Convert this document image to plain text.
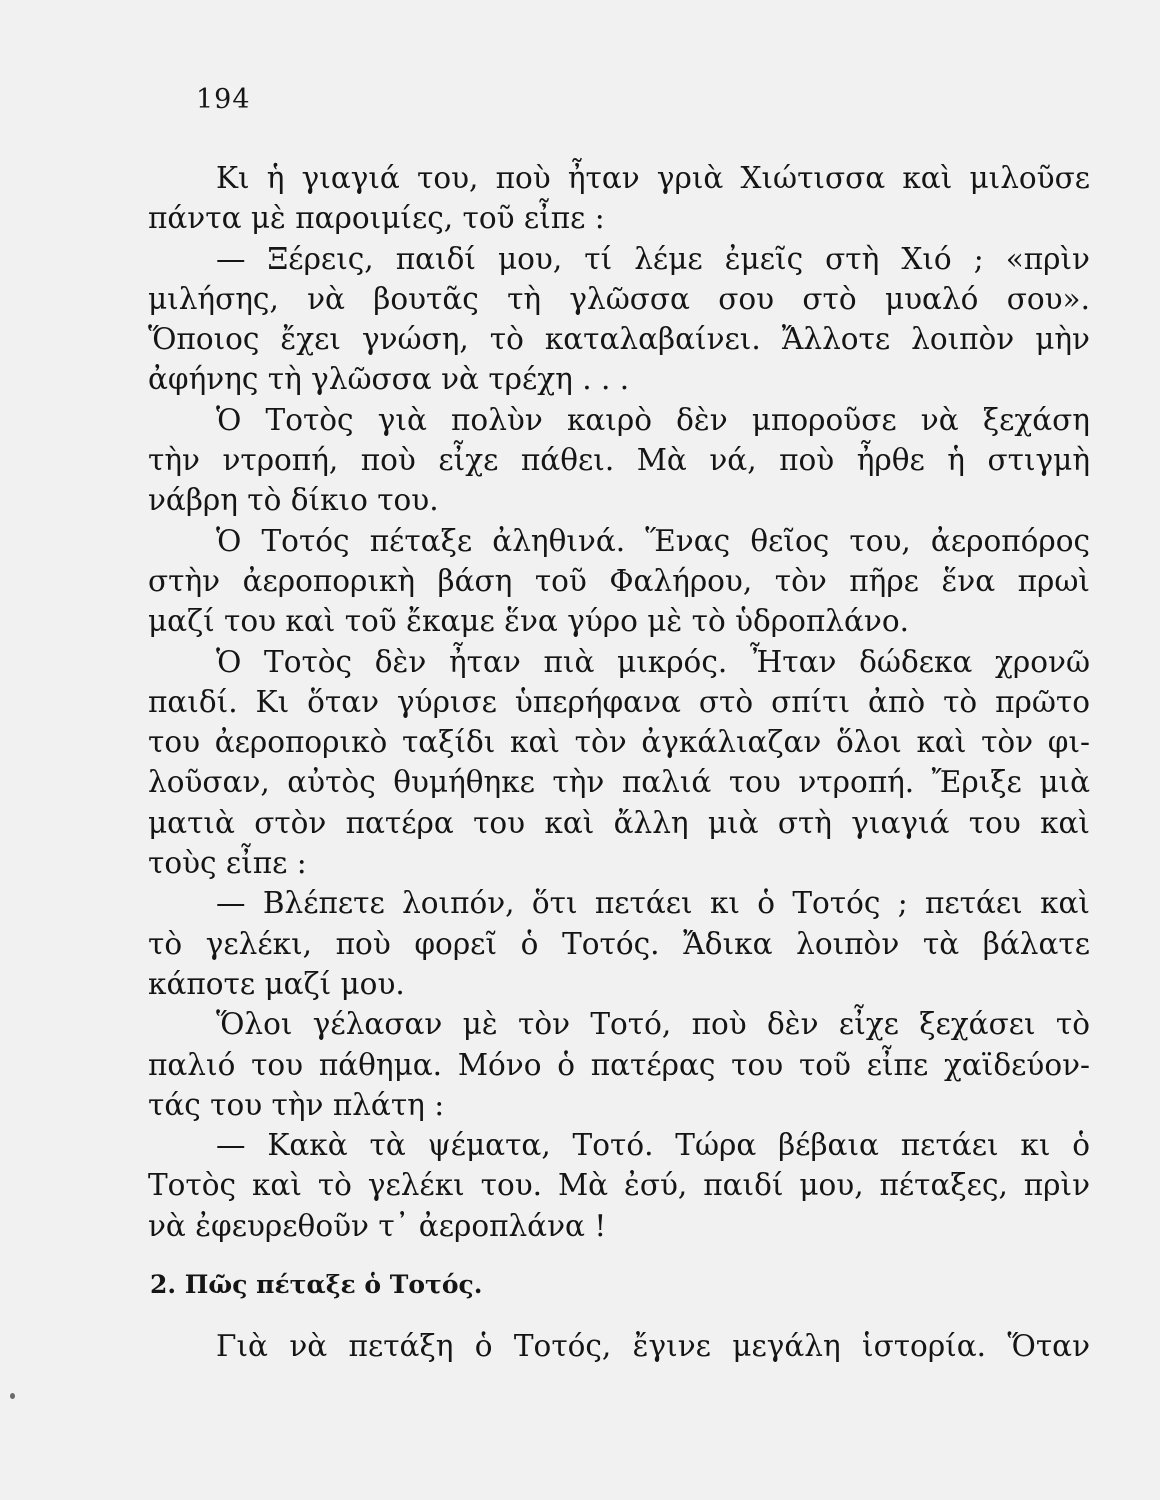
194
Κι ἡ γιαγιά του, ποὺ ἦταν γριὰ Χιώτισσα καὶ μιλοῦσε
πάντα μὲ παροιμίες, τοῦ εἶπε :
— Ξέρεις, παιδί μου, τί λέμε ἐμεῖς στὴ Χιό ; «πρὶν
μιλήσης, νὰ βουτᾶς τὴ γλῶσσα σου στὸ μυαλό σου».
Ὅποιος ἔχει γνώση, τὸ καταλαβαίνει. Ἄλλοτε λοιπὸν μὴν
ἀφήνης τὴ γλῶσσα νὰ τρέχη . . .
Ὁ Τοτὸς γιὰ πολὺν καιρὸ δὲν μποροῦσε νὰ ξεχάση
τὴν ντροπή, ποὺ εἶχε πάθει. Μὰ νά, ποὺ ἦρθε ἡ στιγμὴ
νάβρη τὸ δίκιο του.
Ὁ Τοτός πέταξε ἀληθινά. Ἕνας θεῖος του, ἀεροπόρος
στὴν ἀεροπορικὴ βάση τοῦ Φαλήρου, τὸν πῆρε ἕνα πρωὶ
μαζί του καὶ τοῦ ἔκαμε ἕνα γύρο μὲ τὸ ὑδροπλάνο.
Ὁ Τοτὸς δὲν ἦταν πιὰ μικρός. Ἦταν δώδεκα χρονῶ
παιδί. Κι ὅταν γύρισε ὑπερήφανα στὸ σπίτι ἀπὸ τὸ πρῶτο
του ἀεροπορικὸ ταξίδι καὶ τὸν ἀγκάλιαζαν ὅλοι καὶ τὸν φι-
λοῦσαν, αὐτὸς θυμήθηκε τὴν παλιά του ντροπή. Ἔριξε μιὰ
ματιὰ στὸν πατέρα του καὶ ἄλλη μιὰ στὴ γιαγιά του καὶ
τοὺς εἶπε :
— Βλέπετε λοιπόν, ὅτι πετάει κι ὁ Τοτός ; πετάει καὶ
τὸ γελέκι, ποὺ φορεῖ ὁ Τοτός. Ἄδικα λοιπὸν τὰ βάλατε
κάποτε μαζί μου.
Ὅλοι γέλασαν μὲ τὸν Τοτό, ποὺ δὲν εἶχε ξεχάσει τὸ
παλιό του πάθημα. Μόνο ὁ πατέρας του τοῦ εἶπε χαϊδεύον-
τάς του τὴν πλάτη :
— Κακὰ τὰ ψέματα, Τοτό. Τώρα βέβαια πετάει κι ὁ
Τοτὸς καὶ τὸ γελέκι του. Μὰ ἐσύ, παιδί μου, πέταξες, πρὶν
νὰ ἐφευρεθοῦν τ᾽ ἀεροπλάνα !
2. Πῶς πέταξε ὁ Τοτός.
Γιὰ νὰ πετάξη ὁ Τοτός, ἔγινε μεγάλη ἱστορία. Ὅταν
